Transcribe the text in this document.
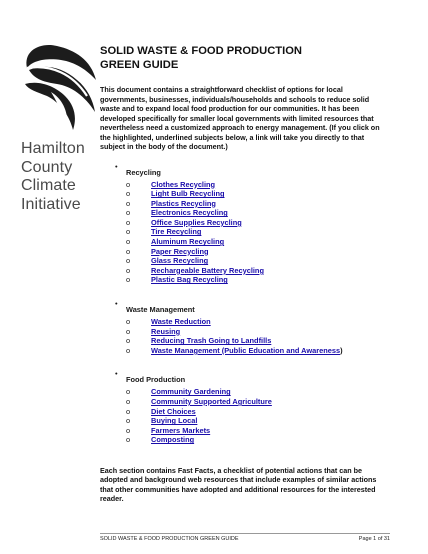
Hamilton
County
Climate
Initiative
SOLID WASTE & FOOD PRODUCTION
GREEN GUIDE
This document contains a straightforward checklist of options for local governments, businesses, individuals/households and schools to reduce solid waste and to expand local food production for our communities. It has been developed specifically for smaller local governments with limited resources that nevertheless need a customized approach to energy management. (If you click on the highlighted, underlined subjects below, a link will take you directly to that subject in the body of the document.)
•
Recycling
o	Clothes Recycling
o	Light Bulb Recycling
o	Plastics Recycling
o	Electronics Recycling
o	Office Supplies Recycling
o	Tire Recycling
o	Aluminum Recycling
o	Paper Recycling
o	Glass Recycling
o	Rechargeable Battery Recycling
o	Plastic Bag Recycling
•
Waste Management
o	Waste Reduction
o	Reusing
o	Reducing Trash Going to Landfills
o	Waste Management (Public Education and Awareness)
•
Food Production
o	Community Gardening
o	Community Supported Agriculture
o	Diet Choices
o	Buying Local
o	Farmers Markets
o	Composting
Each section contains Fast Facts, a checklist of potential actions that can be adopted and background web resources that include examples of similar actions that other communities have adopted and additional resources for the interested reader.
SOLID WASTE & FOOD PRODUCTION GREEN GUIDE	Page 1 of 31
